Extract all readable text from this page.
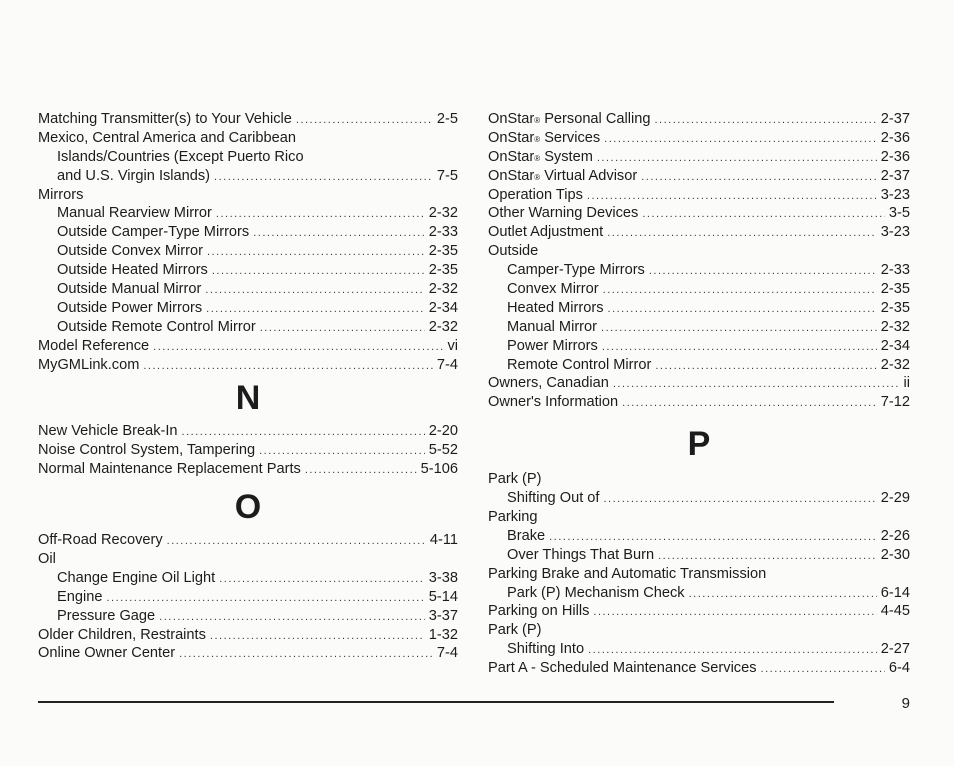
Matching Transmitter(s) to Your Vehicle .....	2-5
Mexico, Central America and Caribbean
Islands/Countries (Except Puerto Rico
and U.S. Virgin Islands) .....	7-5
Mirrors
Manual Rearview Mirror .....	2-32
Outside Camper-Type Mirrors .....	2-33
Outside Convex Mirror .....	2-35
Outside Heated Mirrors .....	2-35
Outside Manual Mirror .....	2-32
Outside Power Mirrors .....	2-34
Outside Remote Control Mirror .....	2-32
Model Reference .....	vi
MyGMLink.com .....	7-4
N
New Vehicle Break-In .....	2-20
Noise Control System, Tampering .....	5-52
Normal Maintenance Replacement Parts .....	5-106
O
Off-Road Recovery .....	4-11
Oil
Change Engine Oil Light .....	3-38
Engine .....	5-14
Pressure Gage .....	3-37
Older Children, Restraints .....	1-32
Online Owner Center .....	7-4
OnStar ® Personal Calling .....	2-37
OnStar ® Services .....	2-36
OnStar ® System .....	2-36
OnStar ® Virtual Advisor .....	2-37
Operation Tips .....	3-23
Other Warning Devices .....	3-5
Outlet Adjustment .....	3-23
Outside
Camper-Type Mirrors .....	2-33
Convex Mirror .....	2-35
Heated Mirrors .....	2-35
Manual Mirror .....	2-32
Power Mirrors .....	2-34
Remote Control Mirror .....	2-32
Owners, Canadian .....	ii
Owner's Information .....	7-12
P
Park (P)
Shifting Out of .....	2-29
Parking
Brake .....	2-26
Over Things That Burn .....	2-30
Parking Brake and Automatic Transmission
Park (P) Mechanism Check .....	6-14
Parking on Hills .....	4-45
Park (P)
Shifting Into .....	2-27
Part A - Scheduled Maintenance Services .....	6-4
9
